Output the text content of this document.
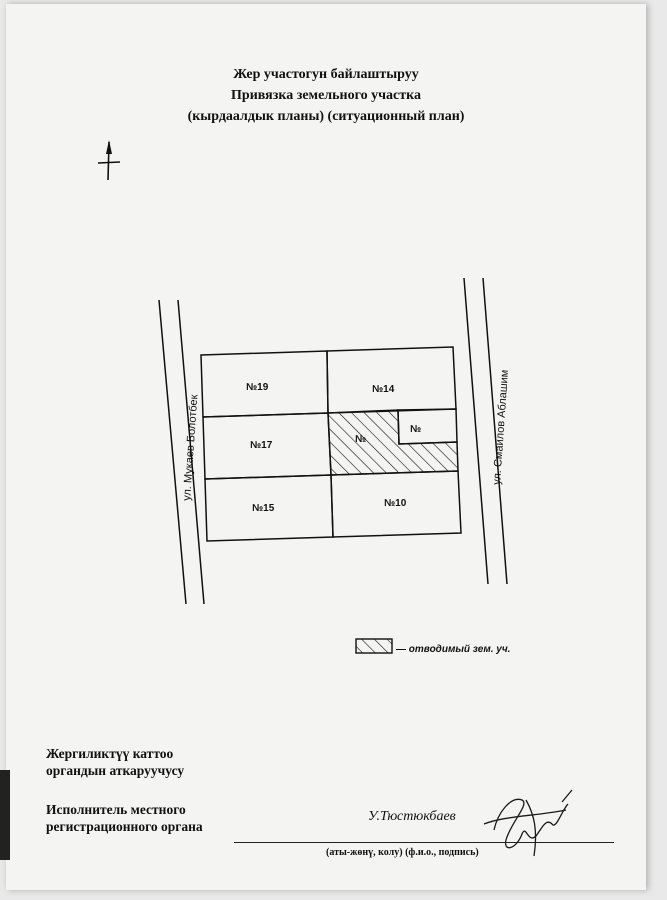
Жер участогун байлаштыруу
Привязка земельного участка
(кырдаалдык планы) (ситуационный план)
ул. Мукаев Болотбек	ул. Смаилов Аблашим
№19	№14
№17
№
№
№15	№10
— отводимый зем. уч.
Жергиликтүү каттоо
органдын аткаруучусу
Исполнитель местного
регистрационного органа
У.Тюстюкбаев
(аты-жөнү, колу) (ф.и.о., подпись)
